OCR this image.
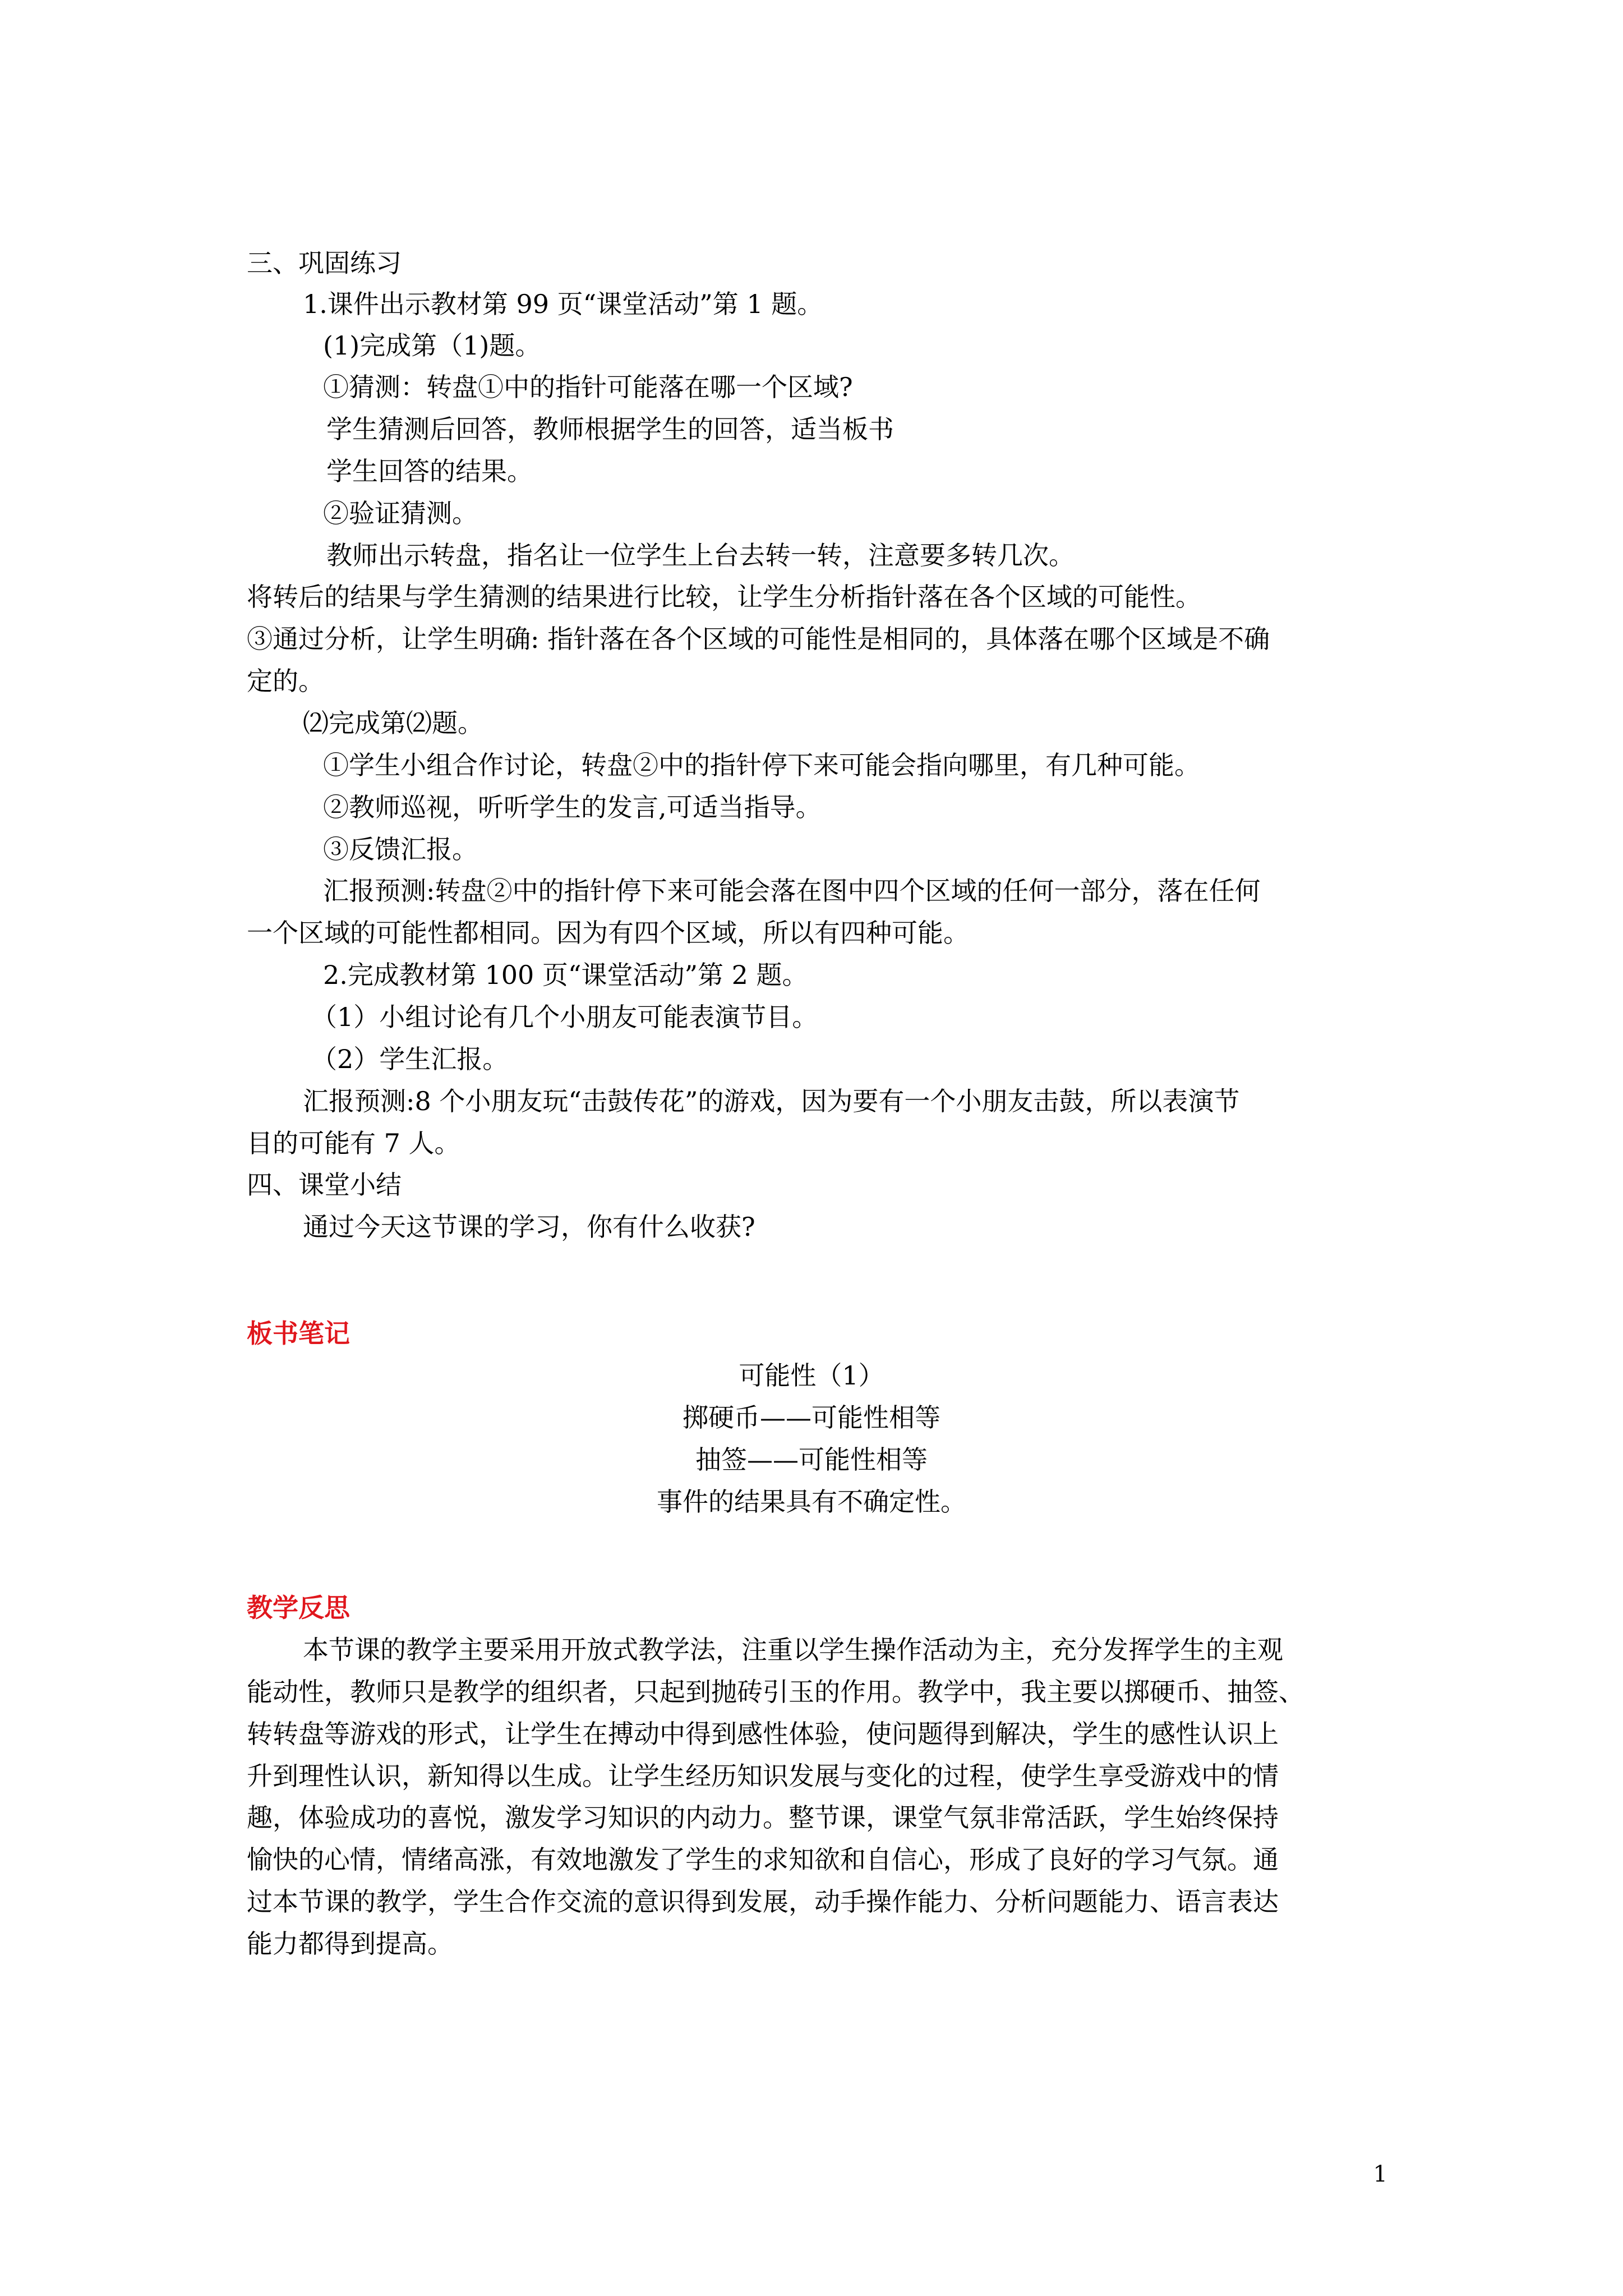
三、巩固练习

1.课件出示教材第 99 页“课堂活动”第 1 题。

(1)完成第（1)题。

①猜测：转盘①中的指针可能落在哪一个区域?

学生猜测后回答，教师根据学生的回答，适当板书

学生回答的结果。

②验证猜测。

教师出示转盘，指名让一位学生上台去转一转，注意要多转几次。

将转后的结果与学生猜测的结果进行比较，让学生分析指针落在各个区域的可能性。

③通过分析，让学生明确: 指针落在各个区域的可能性是相同的，具体落在哪个区域是不确

定的。

⑵完成第⑵题。

①学生小组合作讨论，转盘②中的指针停下来可能会指向哪里，有几种可能。

②教师巡视，听听学生的发言,可适当指导。

③反馈汇报。

汇报预测:转盘②中的指针停下来可能会落在图中四个区域的任何一部分，落在任何

一个区域的可能性都相同。因为有四个区域，所以有四种可能。

2.完成教材第 100 页“课堂活动”第 2 题。

（1）小组讨论有几个小朋友可能表演节目。

（2）学生汇报。

汇报预测:8 个小朋友玩“击鼓传花”的游戏，因为要有一个小朋友击鼓，所以表演节

目的可能有 7 人。

四、课堂小结

通过今天这节课的学习，你有什么收获?

板书笔记

可能性（1）

掷硬币——可能性相等

抽签——可能性相等

事件的结果具有不确定性。

教学反思

本节课的教学主要采用开放式教学法，注重以学生操作活动为主，充分发挥学生的主观

能动性，教师只是教学的组织者，只起到抛砖引玉的作用。教学中，我主要以掷硬币、抽签、

转转盘等游戏的形式，让学生在搏动中得到感性体验，使问题得到解决，学生的感性认识上

升到理性认识，新知得以生成。让学生经历知识发展与变化的过程，使学生享受游戏中的情

趣，体验成功的喜悦，激发学习知识的内动力。整节课，课堂气氛非常活跃，学生始终保持

愉快的心情，情绪高涨，有效地激发了学生的求知欲和自信心，形成了良好的学习气氛。通

过本节课的教学，学生合作交流的意识得到发展，动手操作能力、分析问题能力、语言表达

能力都得到提高。

1
